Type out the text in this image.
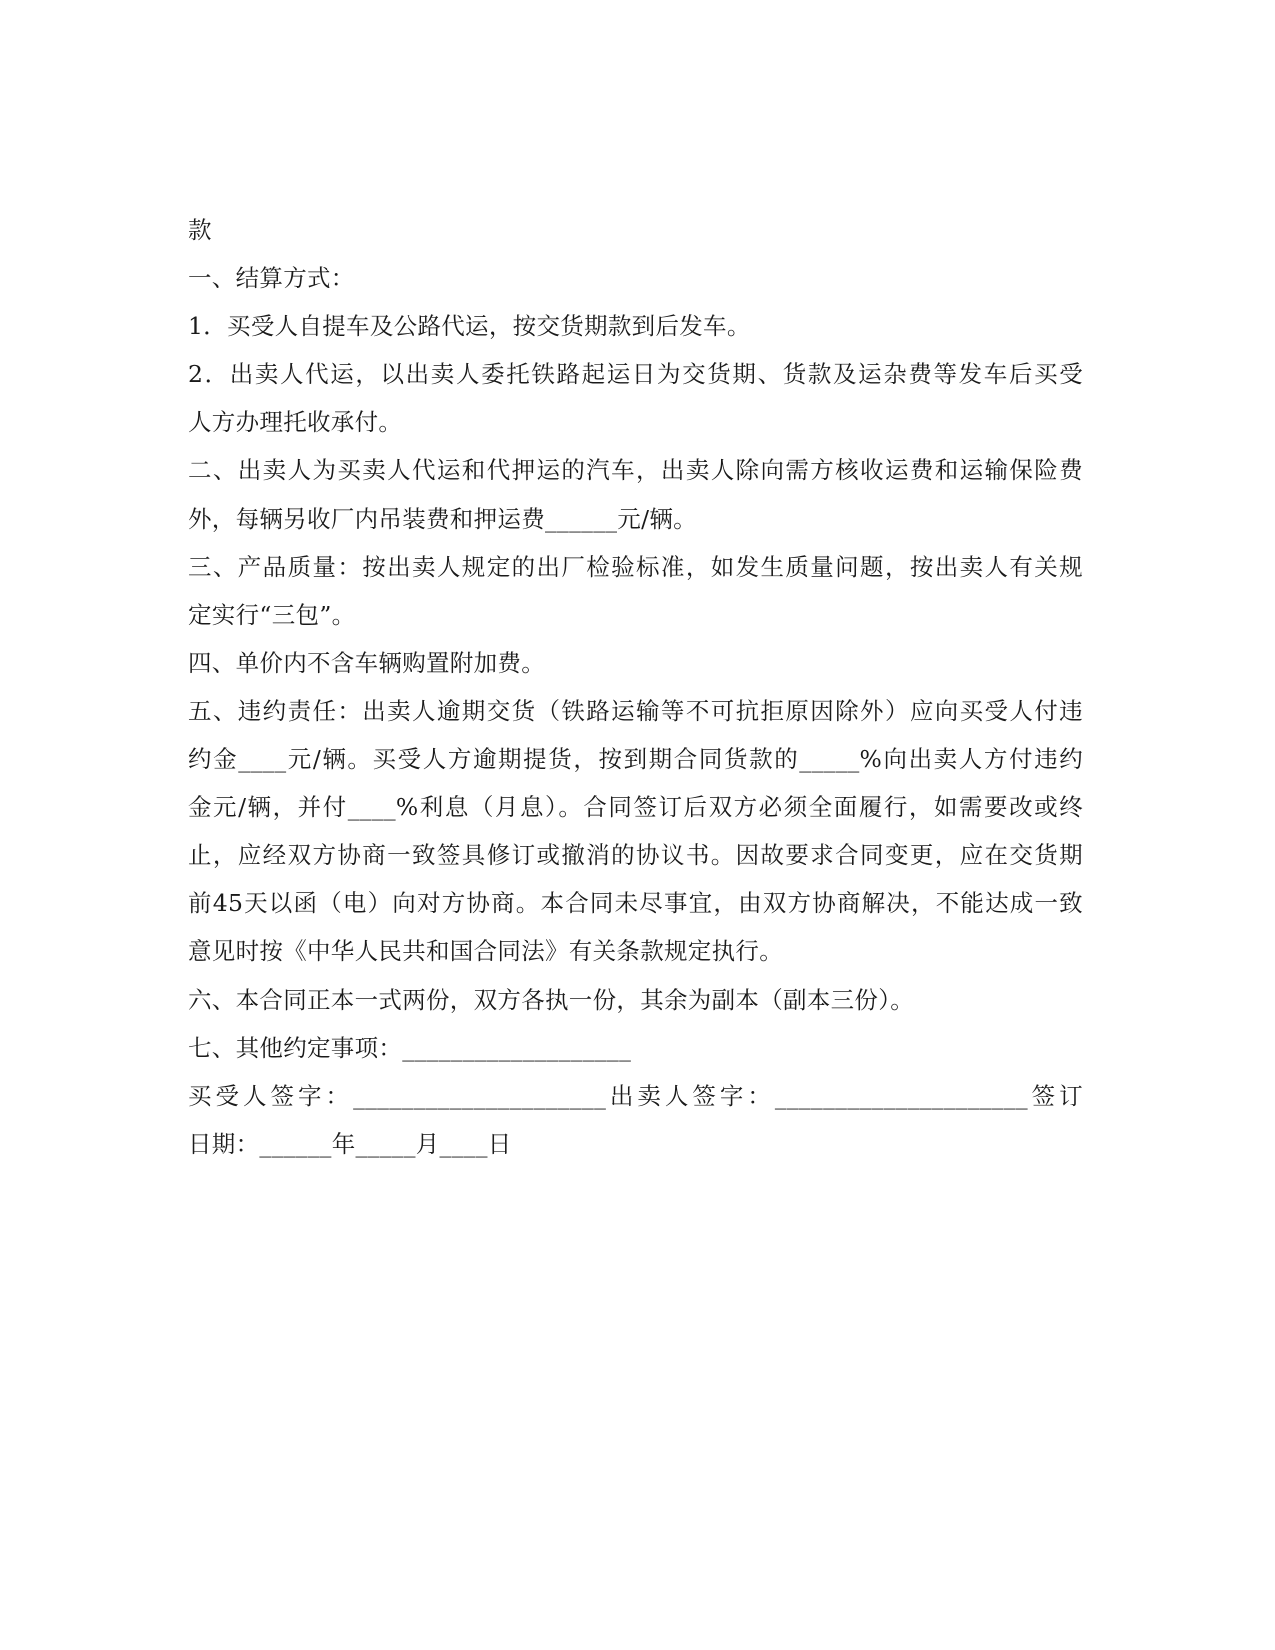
款
一、结算方式：
1．买受人自提车及公路代运，按交货期款到后发车。
2．出卖人代运，以出卖人委托铁路起运日为交货期、货款及运杂费等发车后买受
人方办理托收承付。
二、出卖人为买卖人代运和代押运的汽车，出卖人除向需方核收运费和运输保险费
外，每辆另收厂内吊装费和押运费______元/辆。
三、产品质量：按出卖人规定的出厂检验标准，如发生质量问题，按出卖人有关规
定实行“三包”。
四、单价内不含车辆购置附加费。
五、违约责任：出卖人逾期交货（铁路运输等不可抗拒原因除外）应向买受人付违
约金____元/辆。买受人方逾期提货，按到期合同货款的_____%向出卖人方付违约
金元/辆，并付____%利息（月息）。合同签订后双方必须全面履行，如需要改或终
止，应经双方协商一致签具修订或撤消的协议书。因故要求合同变更，应在交货期
前45天以函（电）向对方协商。本合同未尽事宜，由双方协商解决，不能达成一致
意见时按《中华人民共和国合同法》有关条款规定执行。
六、本合同正本一式两份，双方各执一份，其余为副本（副本三份）。
七、其他约定事项：___________________
买受人签字：_____________________出卖人签字：_____________________签订
日期：______年_____月____日
